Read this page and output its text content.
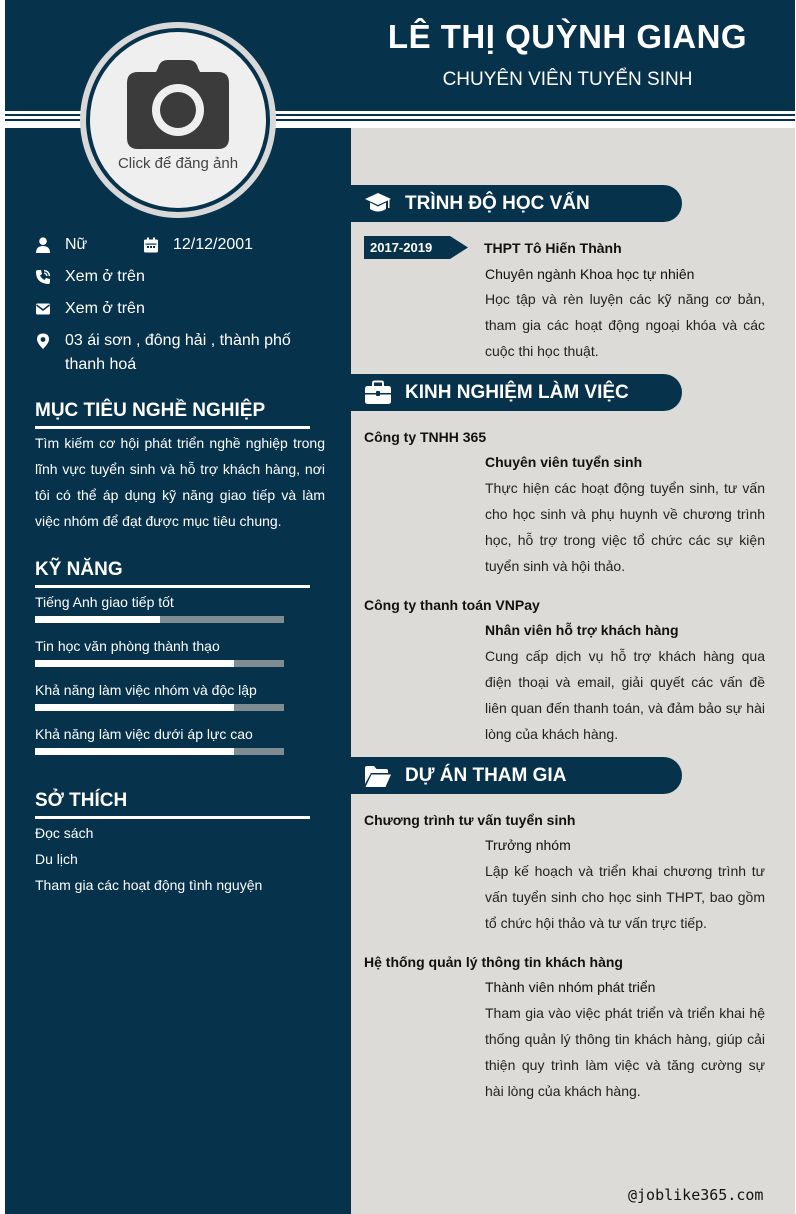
LÊ THỊ QUỲNH GIANG
CHUYÊN VIÊN TUYỂN SINH
Click để đăng ảnh
Nữ	12/12/2001
Xem ở trên
Xem ở trên
03 ái sơn , đông hải , thành phố thanh hoá
MỤC TIÊU NGHỀ NGHIỆP
Tìm kiếm cơ hội phát triển nghề nghiệp trong lĩnh vực tuyển sinh và hỗ trợ khách hàng, nơi tôi có thể áp dụng kỹ năng giao tiếp và làm việc nhóm để đạt được mục tiêu chung.
KỸ NĂNG
Tiếng Anh giao tiếp tốt
Tin học văn phòng thành thạo
Khả năng làm việc nhóm và độc lập
Khả năng làm việc dưới áp lực cao
SỞ THÍCH
Đọc sách
Du lịch
Tham gia các hoạt động tình nguyện
TRÌNH ĐỘ HỌC VẤN
2017-2019	THPT Tô Hiến Thành
Chuyên ngành Khoa học tự nhiên
Học tập và rèn luyện các kỹ năng cơ bản, tham gia các hoạt động ngoại khóa và các cuộc thi học thuật.
KINH NGHIỆM LÀM VIỆC
Công ty TNHH 365
Chuyên viên tuyển sinh
Thực hiện các hoạt động tuyển sinh, tư vấn cho học sinh và phụ huynh về chương trình học, hỗ trợ trong việc tổ chức các sự kiện tuyển sinh và hội thảo.
Công ty thanh toán VNPay
Nhân viên hỗ trợ khách hàng
Cung cấp dịch vụ hỗ trợ khách hàng qua điện thoại và email, giải quyết các vấn đề liên quan đến thanh toán, và đảm bảo sự hài lòng của khách hàng.
DỰ ÁN THAM GIA
Chương trình tư vấn tuyển sinh
Trưởng nhóm
Lập kế hoạch và triển khai chương trình tư vấn tuyển sinh cho học sinh THPT, bao gồm tổ chức hội thảo và tư vấn trực tiếp.
Hệ thống quản lý thông tin khách hàng
Thành viên nhóm phát triển
Tham gia vào việc phát triển và triển khai hệ thống quản lý thông tin khách hàng, giúp cải thiện quy trình làm việc và tăng cường sự hài lòng của khách hàng.
@joblike365.com
